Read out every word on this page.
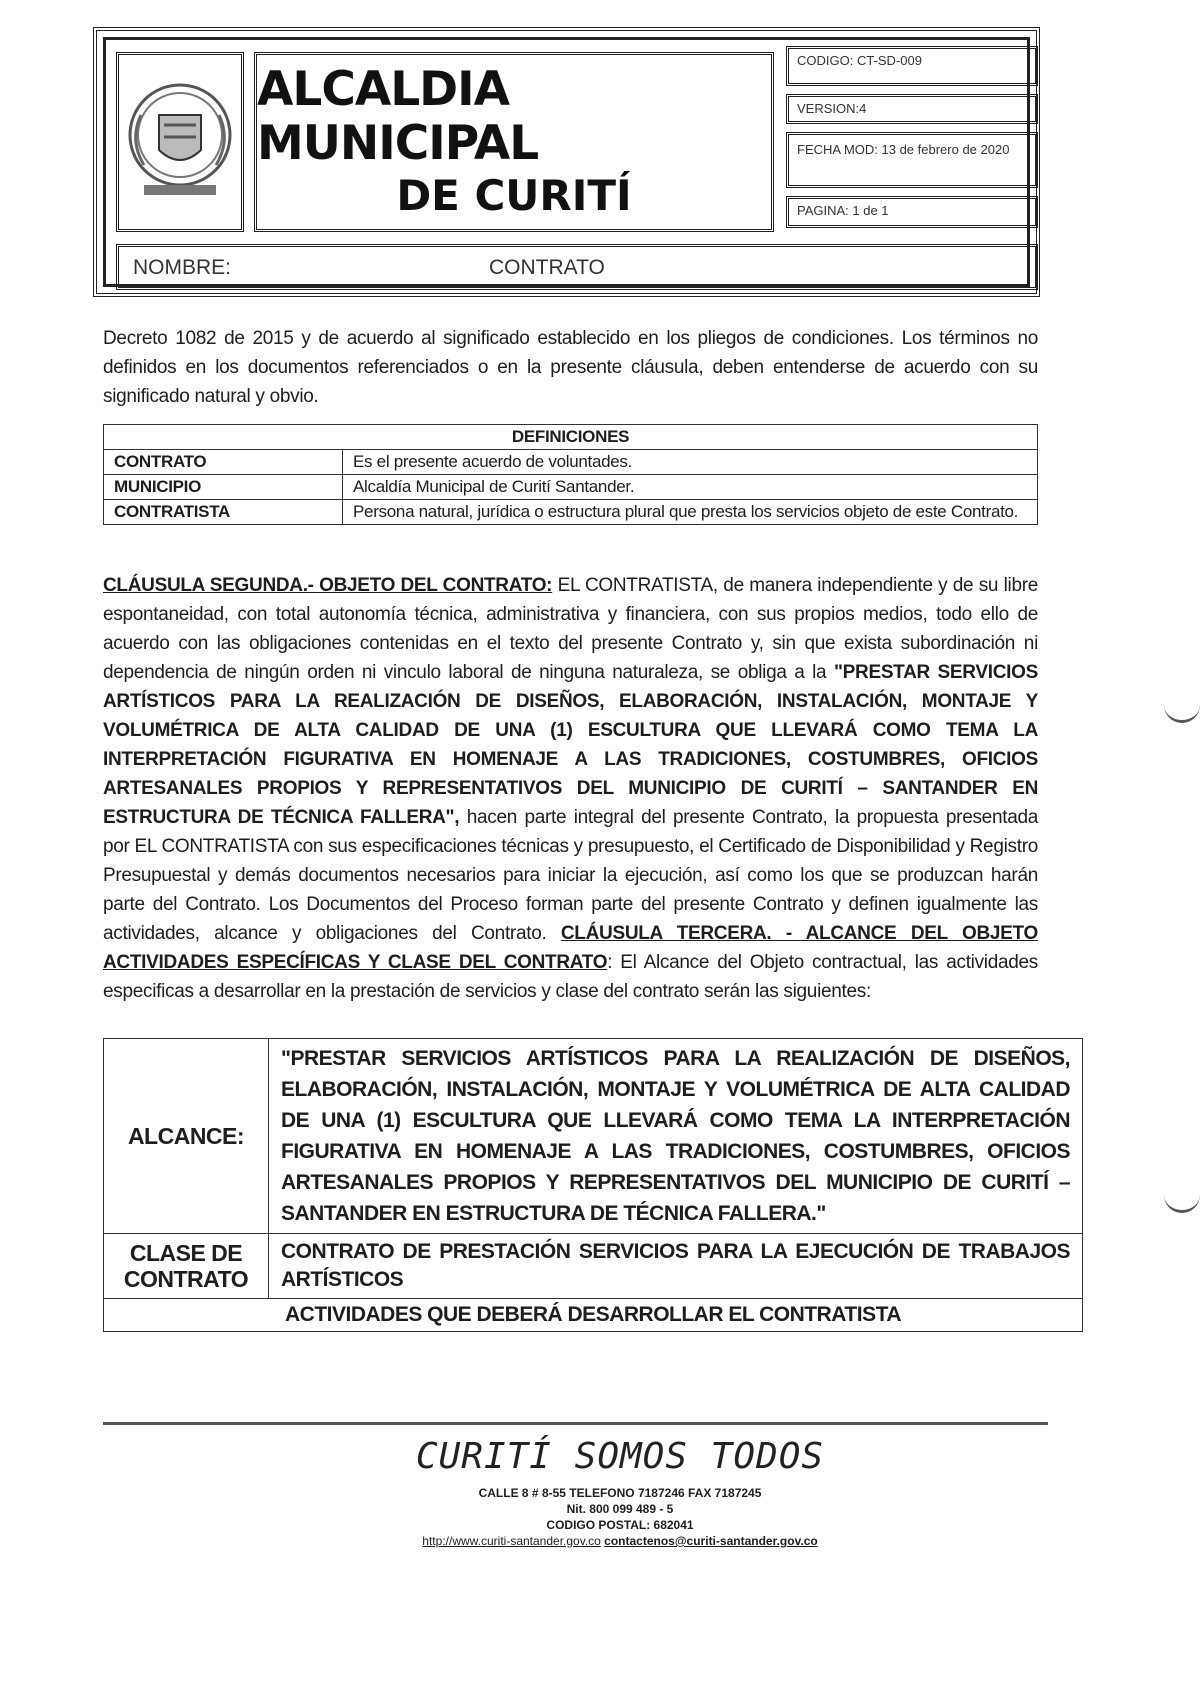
ALCALDIA MUNICIPAL
DE CURITÍ
CODIGO: CT-SD-009
VERSION:4
FECHA MOD: 13 de febrero de 2020
PAGINA: 1 de 1
NOMBRE:	CONTRATO
Decreto 1082 de 2015 y de acuerdo al significado establecido en los pliegos de condiciones. Los términos no definidos en los documentos referenciados o en la presente cláusula, deben entenderse de acuerdo con su significado natural y obvio.
DEFINICIONES	
CONTRATO	Es el presente acuerdo de voluntades.
MUNICIPIO	Alcaldía Municipal de Curití Santander.
CONTRATISTA	Persona natural, jurídica o estructura plural que presta los servicios objeto de este Contrato.
CLÁUSULA SEGUNDA.- OBJETO DEL CONTRATO: EL CONTRATISTA, de manera independiente y de su libre espontaneidad, con total autonomía técnica, administrativa y financiera, con sus propios medios, todo ello de acuerdo con las obligaciones contenidas en el texto del presente Contrato y, sin que exista subordinación ni dependencia de ningún orden ni vinculo laboral de ninguna naturaleza, se obliga a la "PRESTAR SERVICIOS ARTÍSTICOS PARA LA REALIZACIÓN DE DISEÑOS, ELABORACIÓN, INSTALACIÓN, MONTAJE Y VOLUMÉTRICA DE ALTA CALIDAD DE UNA (1) ESCULTURA QUE LLEVARÁ COMO TEMA LA INTERPRETACIÓN FIGURATIVA EN HOMENAJE A LAS TRADICIONES, COSTUMBRES, OFICIOS ARTESANALES PROPIOS Y REPRESENTATIVOS DEL MUNICIPIO DE CURITÍ – SANTANDER EN ESTRUCTURA DE TÉCNICA FALLERA", hacen parte integral del presente Contrato, la propuesta presentada por EL CONTRATISTA con sus especificaciones técnicas y presupuesto, el Certificado de Disponibilidad y Registro Presupuestal y demás documentos necesarios para iniciar la ejecución, así como los que se produzcan harán parte del Contrato. Los Documentos del Proceso forman parte del presente Contrato y definen igualmente las actividades, alcance y obligaciones del Contrato. CLÁUSULA TERCERA. - ALCANCE DEL OBJETO ACTIVIDADES ESPECÍFICAS Y CLASE DEL CONTRATO: El Alcance del Objeto contractual, las actividades especificas a desarrollar en la prestación de servicios y clase del contrato serán las siguientes:
ALCANCE:	"PRESTAR SERVICIOS ARTÍSTICOS PARA LA REALIZACIÓN DE DISEÑOS, ELABORACIÓN, INSTALACIÓN, MONTAJE Y VOLUMÉTRICA DE ALTA CALIDAD DE UNA (1) ESCULTURA QUE LLEVARÁ COMO TEMA LA INTERPRETACIÓN FIGURATIVA EN HOMENAJE A LAS TRADICIONES, COSTUMBRES, OFICIOS ARTESANALES PROPIOS Y REPRESENTATIVOS DEL MUNICIPIO DE CURITÍ – SANTANDER EN ESTRUCTURA DE TÉCNICA FALLERA."
CLASE DE CONTRATO	CONTRATO DE PRESTACIÓN SERVICIOS PARA LA EJECUCIÓN DE TRABAJOS ARTÍSTICOS
ACTIVIDADES QUE DEBERÁ DESARROLLAR EL CONTRATISTA	
CURITÍ SOMOS TODOS
CALLE 8 # 8-55 TELEFONO 7187246 FAX 7187245
Nit. 800 099 489 - 5
CODIGO POSTAL: 682041
http://www.curiti-santander.gov.co contactenos@curiti-santander.gov.co
